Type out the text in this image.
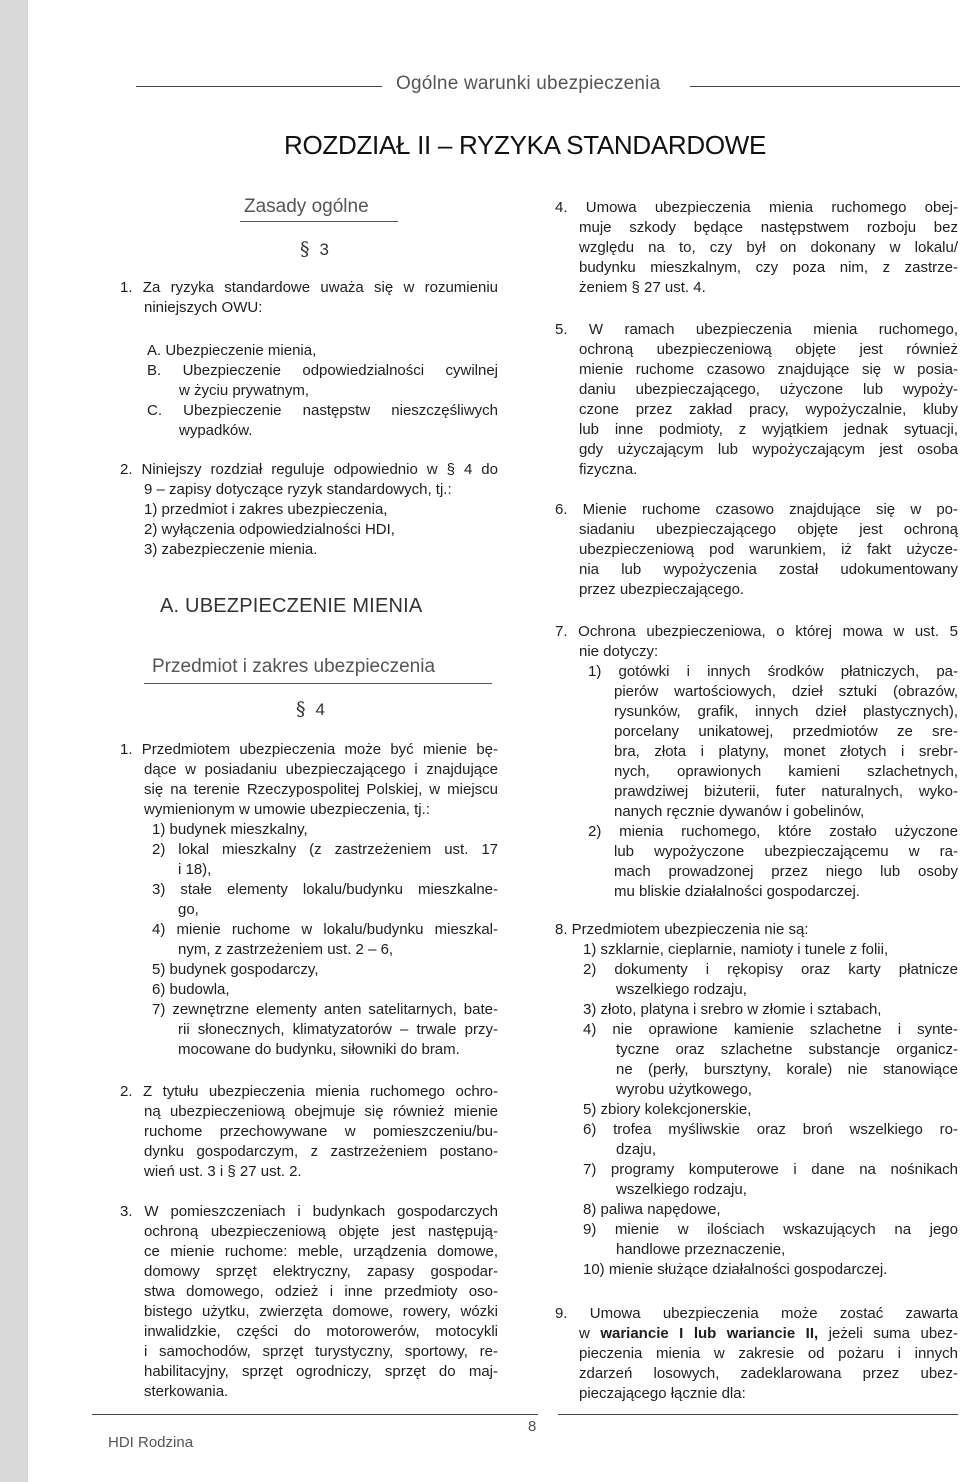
Ogólne warunki ubezpieczenia
ROZDZIAŁ II – RYZYKA STANDARDOWE
Zasady ogólne
§ 3
1. Za ryzyka standardowe uważa się w rozumieniu
niniejszych OWU:
A. Ubezpieczenie mienia,
B. Ubezpieczenie odpowiedzialności cywilnej
w życiu prywatnym,
C. Ubezpieczenie następstw nieszczęśliwych
wypadków.
2. Niniejszy rozdział reguluje odpowiednio w § 4 do
9 – zapisy dotyczące ryzyk standardowych, tj.:
1) przedmiot i zakres ubezpieczenia,
2) wyłączenia odpowiedzialności HDI,
3) zabezpieczenie mienia.
1. Przedmiotem ubezpieczenia może być mienie bę-
dące w posiadaniu ubezpieczającego i znajdujące
się na terenie Rzeczypospolitej Polskiej, w miejscu
wymienionym w umowie ubezpieczenia, tj.:
1) budynek mieszkalny,
2) lokal mieszkalny (z zastrzeżeniem ust. 17
i 18),
3) stałe elementy lokalu/budynku mieszkalne-
go,
4) mienie ruchome w lokalu/budynku mieszkal-
nym, z zastrzeżeniem ust. 2 – 6,
5) budynek gospodarczy,
6) budowla,
7) zewnętrzne elementy anten satelitarnych, bate-
rii słonecznych, klimatyzatorów – trwale przy-
mocowane do budynku, siłowniki do bram.
2. Z tytułu ubezpieczenia mienia ruchomego ochro-
ną ubezpieczeniową obejmuje się również mienie
ruchome przechowywane w pomieszczeniu/bu-
dynku gospodarczym, z zastrzeżeniem postano-
wień ust. 3 i § 27 ust. 2.
3. W pomieszczeniach i budynkach gospodarczych
ochroną ubezpieczeniową objęte jest następują-
ce mienie ruchome: meble, urządzenia domowe,
domowy sprzęt elektryczny, zapasy gospodar-
stwa domowego, odzież i inne przedmioty oso-
bistego użytku, zwierzęta domowe, rowery, wózki
inwalidzkie, części do motorowerów, motocykli
i samochodów, sprzęt turystyczny, sportowy, re-
habilitacyjny, sprzęt ogrodniczy, sprzęt do maj-
sterkowania.
A. UBEZPIECZENIE MIENIA
Przedmiot i zakres ubezpieczenia
§ 4
4. Umowa ubezpieczenia mienia ruchomego obej-
muje szkody będące następstwem rozboju bez
względu na to, czy był on dokonany w lokalu/
budynku mieszkalnym, czy poza nim, z zastrze-
żeniem § 27 ust. 4.
5. W ramach ubezpieczenia mienia ruchomego,
ochroną ubezpieczeniową objęte jest również
mienie ruchome czasowo znajdujące się w posia-
daniu ubezpieczającego, użyczone lub wypoży-
czone przez zakład pracy, wypożyczalnie, kluby
lub inne podmioty, z wyjątkiem jednak sytuacji,
gdy użyczającym lub wypożyczającym jest osoba
fizyczna.
6. Mienie ruchome czasowo znajdujące się w po-
siadaniu ubezpieczającego objęte jest ochroną
ubezpieczeniową pod warunkiem, iż fakt użycze-
nia lub wypożyczenia został udokumentowany
przez ubezpieczającego.
7. Ochrona ubezpieczeniowa, o której mowa w ust. 5
nie dotyczy:
1) gotówki i innych środków płatniczych, pa-
pierów wartościowych, dzieł sztuki (obrazów,
rysunków, grafik, innych dzieł plastycznych),
porcelany unikatowej, przedmiotów ze sre-
bra, złota i platyny, monet złotych i srebr-
nych, oprawionych kamieni szlachetnych,
prawdziwej biżuterii, futer naturalnych, wyko-
nanych ręcznie dywanów i gobelinów,
2) mienia ruchomego, które zostało użyczone
lub wypożyczone ubezpieczającemu w ra-
mach prowadzonej przez niego lub osoby
mu bliskie działalności gospodarczej.
8. Przedmiotem ubezpieczenia nie są:
1) szklarnie, cieplarnie, namioty i tunele z folii,
2) dokumenty i rękopisy oraz karty płatnicze
wszelkiego rodzaju,
3) złoto, platyna i srebro w złomie i sztabach,
4) nie oprawione kamienie szlachetne i synte-
tyczne oraz szlachetne substancje organicz-
ne (perły, bursztyny, korale) nie stanowiące
wyrobu użytkowego,
5) zbiory kolekcjonerskie,
6) trofea myśliwskie oraz broń wszelkiego ro-
dzaju,
7) programy komputerowe i dane na nośnikach
wszelkiego rodzaju,
8) paliwa napędowe,
9) mienie w ilościach wskazujących na jego
handlowe przeznaczenie,
10) mienie służące działalności gospodarczej.
9. Umowa ubezpieczenia może zostać zawarta
w wariancie I lub wariancie II, jeżeli suma ubez-
pieczenia mienia w zakresie od pożaru i innych
zdarzeń losowych, zadeklarowana przez ubez-
pieczającego łącznie dla:
HDI Rodzina
8
